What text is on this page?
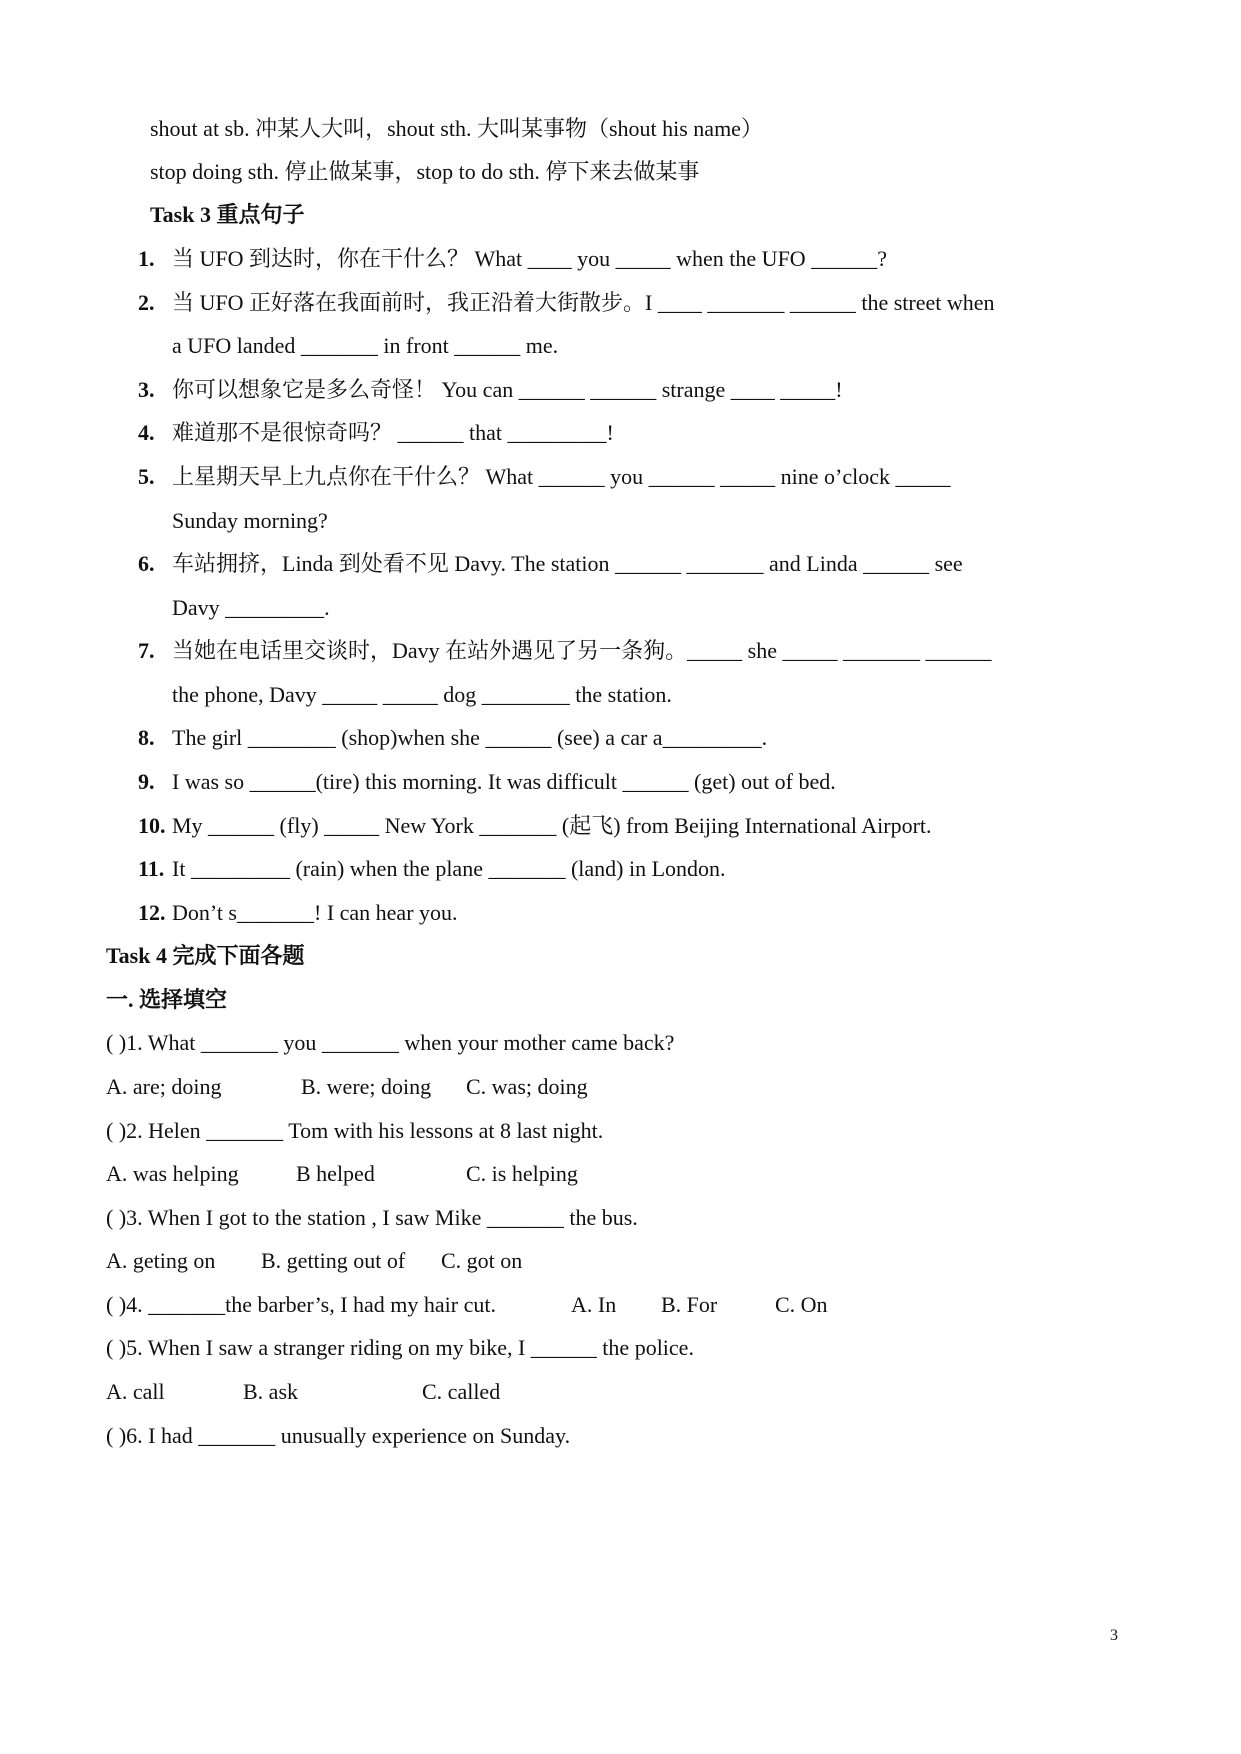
shout at sb. 冲某人大叫，shout sth. 大叫某事物（shout his name）
stop doing sth. 停止做某事，stop to do sth. 停下来去做某事
Task 3 重点句子
1. 当 UFO 到达时，你在干什么？ What ____ you _____ when the UFO ______?
2. 当 UFO 正好落在我面前时，我正沿着大街散步。I ____ _______ ______ the street when
a UFO landed _______ in front ______ me.
3. 你可以想象它是多么奇怪！ You can ______ ______ strange ____ _____!
4. 难道那不是很惊奇吗？ ______ that _________!
5. 上星期天早上九点你在干什么？ What ______ you ______ _____ nine o’clock _____
Sunday morning?
6. 车站拥挤，Linda 到处看不见 Davy. The station ______ _______ and Linda ______ see
Davy _________.
7. 当她在电话里交谈时，Davy 在站外遇见了另一条狗。_____ she _____ _______ ______
the phone, Davy _____ _____ dog ________ the station.
8. The girl ________ (shop)when she ______ (see) a car a_________.
9. I was so ______(tire) this morning. It was difficult ______ (get) out of bed.
10. My ______ (fly) _____ New York _______ (起飞) from Beijing International Airport.
11. It _________ (rain) when the plane _______ (land) in London.
12. Don’t s_______! I can hear you.
Task 4 完成下面各题
一. 选择填空
( )1. What _______ you _______ when your mother came back?
A. are; doing	B. were; doing C. was; doing
( )2. Helen _______ Tom with his lessons at 8 last night.
A. was helping	B helped	C. is helping
( )3. When I got to the station , I saw Mike _______ the bus.
A. geting on B. getting out of C. got on
( )4. _______the barber’s, I had my hair cut.	A. In B. For	C. On
( )5. When I saw a stranger riding on my bike, I ______ the police.
A. call	B. ask	C. called
( )6. I had _______ unusually experience on Sunday.
3
